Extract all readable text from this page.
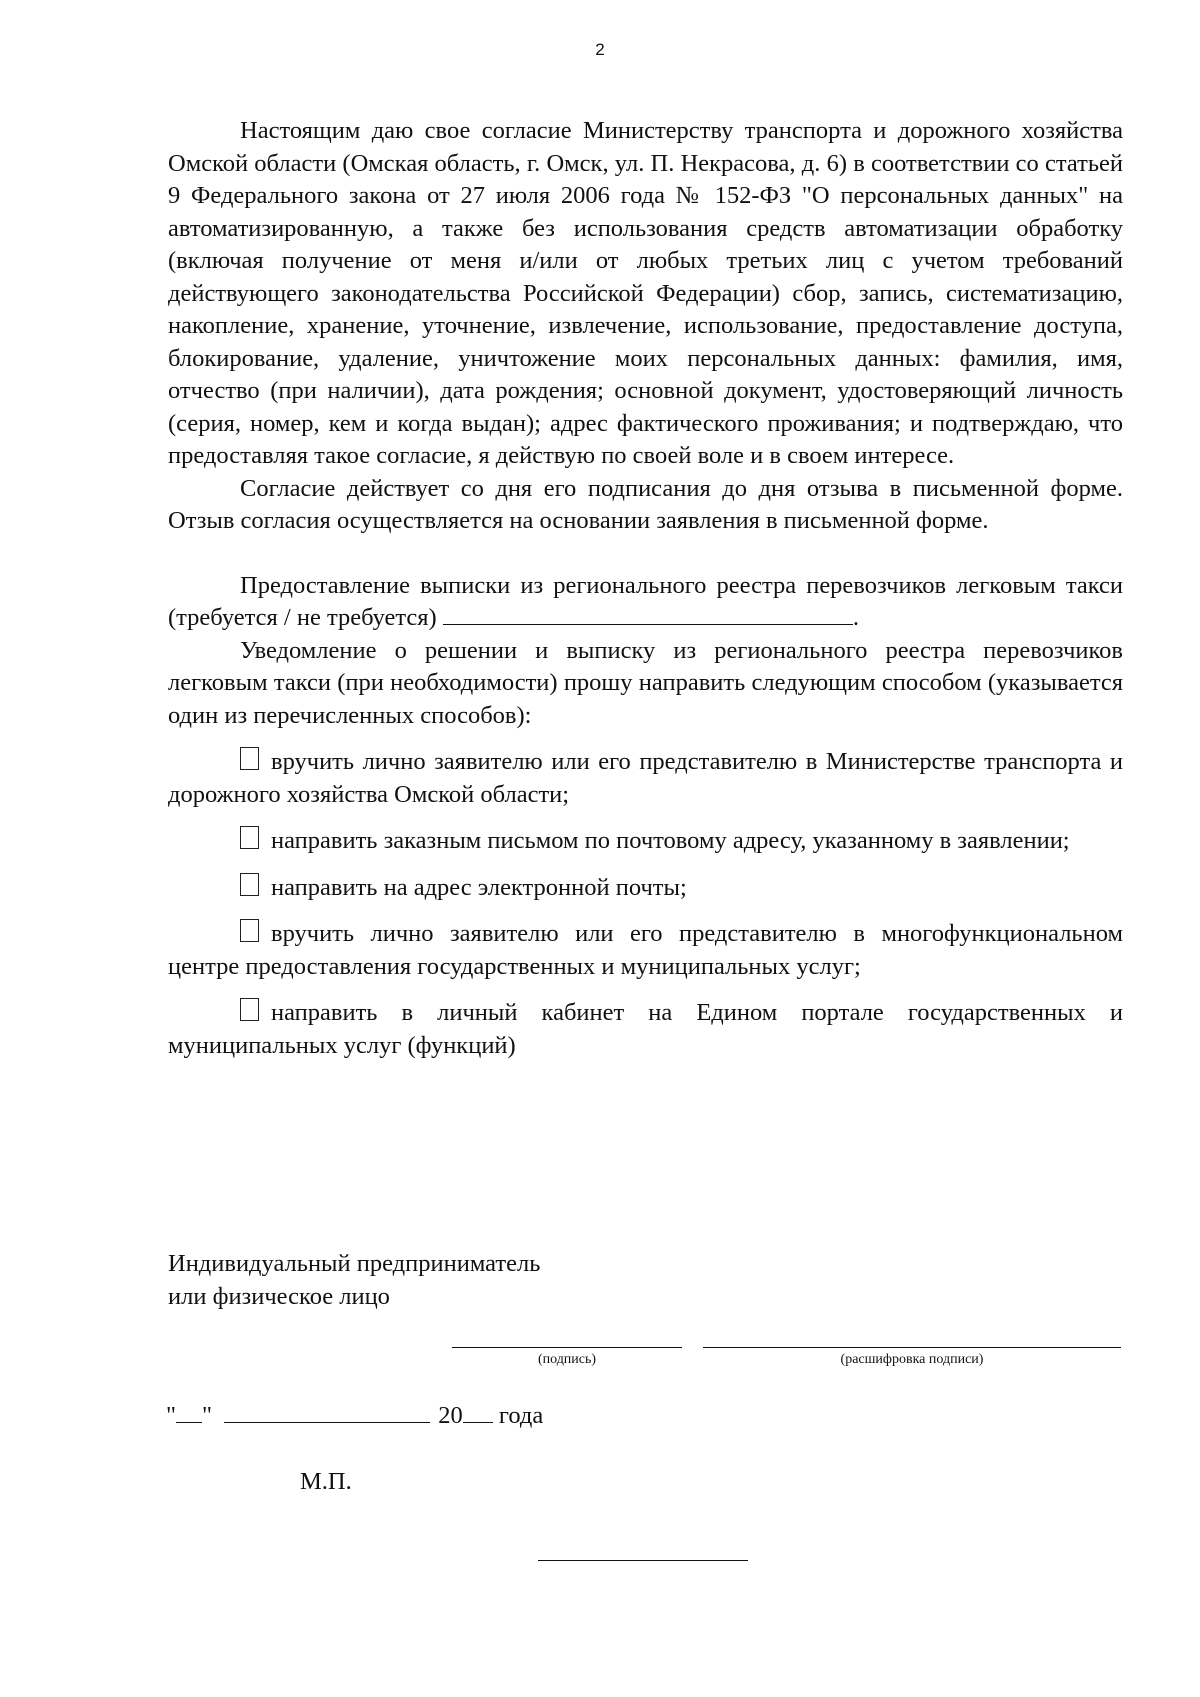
2

Настоящим даю свое согласие Министерству транспорта и дорожного хозяйства Омской области (Омская область, г. Омск, ул. П. Некрасова, д. 6) в соответствии со статьей 9 Федерального закона от 27 июля 2006 года № 152-ФЗ "О персональных данных" на автоматизированную, а также без использования средств автоматизации обработку (включая получение от меня и/или от любых третьих лиц с учетом требований действующего законодательства Российской Федерации) сбор, запись, систематизацию, накопление, хранение, уточнение, извлечение, использование, предоставление доступа, блокирование, удаление, уничтожение моих персональных данных: фамилия, имя, отчество (при наличии), дата рождения; основной документ, удостоверяющий личность (серия, номер, кем и когда выдан); адрес фактического проживания; и подтверждаю, что предоставляя такое согласие, я действую по своей воле и в своем интересе.

Согласие действует со дня его подписания до дня отзыва в письменной форме. Отзыв согласия осуществляется на основании заявления в письменной форме.

Предоставление выписки из регионального реестра перевозчиков легковым такси (требуется / не требуется)	.

Уведомление о решении и выписку из регионального реестра перевозчиков легковым такси (при необходимости) прошу направить следующим способом (указывается один из перечисленных способов):

вручить лично заявителю или его представителю в Министерстве транспорта и дорожного хозяйства Омской области;

направить заказным письмом по почтовому адресу, указанному в заявлении;

направить на адрес электронной почты;

вручить лично заявителю или его представителю в многофункциональном центре предоставления государственных и муниципальных услуг;

направить в личный кабинет на Едином портале государственных и муниципальных услуг (функций)

Индивидуальный предприниматель
или физическое лицо
(подпись)	(расшифровка подписи)
" "	20 года
М.П.
